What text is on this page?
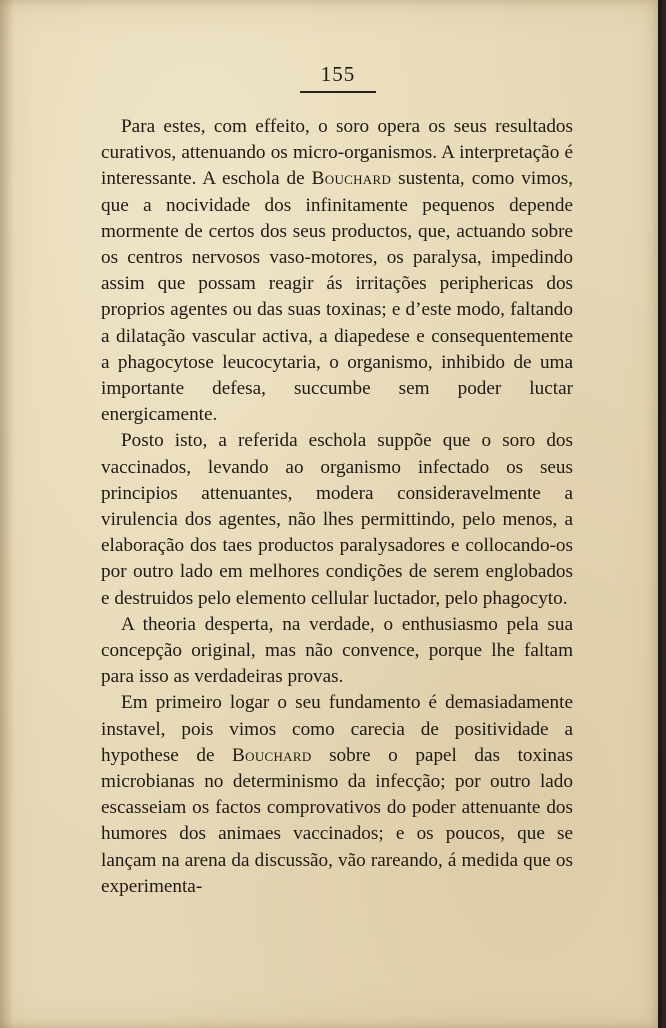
155

Para estes, com effeito, o soro opera os seus resultados curativos, attenuando os micro-organismos. A interpretação é interessante. A eschola de Bouchard sustenta, como vimos, que a nocividade dos infinitamente pequenos depende mormente de certos dos seus productos, que, actuando sobre os centros nervosos vaso-motores, os paralysa, impedindo assim que possam reagir ás irritações periphericas dos proprios agentes ou das suas toxinas; e d’este modo, faltando a dilatação vascular activa, a diapedese e consequentemente a phagocytose leucocytaria, o organismo, inhibido de uma importante defesa, succumbe sem poder luctar energicamente.

Posto isto, a referida eschola suppõe que o soro dos vaccinados, levando ao organismo infectado os seus principios attenuantes, modera consideravelmente a virulencia dos agentes, não lhes permittindo, pelo menos, a elaboração dos taes productos paralysadores e collocando-os por outro lado em melhores condições de serem englobados e destruidos pelo elemento cellular luctador, pelo phagocyto.

A theoria desperta, na verdade, o enthusiasmo pela sua concepção original, mas não convence, porque lhe faltam para isso as verdadeiras provas.

Em primeiro logar o seu fundamento é demasiadamente instavel, pois vimos como carecia de positividade a hypothese de Bouchard sobre o papel das toxinas microbianas no determinismo da infecção; por outro lado escasseiam os factos comprovativos do poder attenuante dos humores dos animaes vaccinados; e os poucos, que se lançam na arena da discussão, vão rareando, á medida que os experimenta-
